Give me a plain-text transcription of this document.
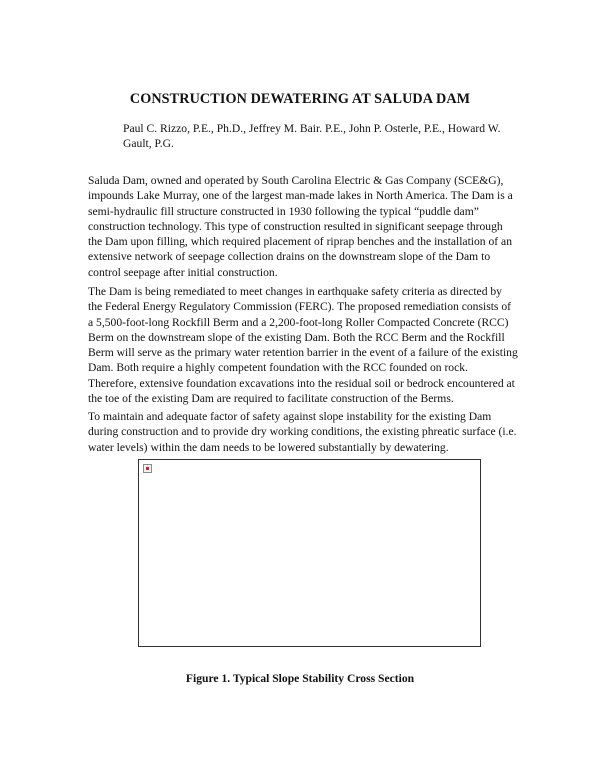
CONSTRUCTION DEWATERING AT SALUDA DAM
Paul C. Rizzo, P.E., Ph.D., Jeffrey M. Bair. P.E., John P. Osterle, P.E., Howard W. Gault, P.G.
Saluda Dam, owned and operated by South Carolina Electric & Gas Company (SCE&G), impounds Lake Murray, one of the largest man-made lakes in North America. The Dam is a semi-hydraulic fill structure constructed in 1930 following the typical “puddle dam” construction technology. This type of construction resulted in significant seepage through the Dam upon filling, which required placement of riprap benches and the installation of an extensive network of seepage collection drains on the downstream slope of the Dam to control seepage after initial construction.
The Dam is being remediated to meet changes in earthquake safety criteria as directed by the Federal Energy Regulatory Commission (FERC). The proposed remediation consists of a 5,500-foot-long Rockfill Berm and a 2,200-foot-long Roller Compacted Concrete (RCC) Berm on the downstream slope of the existing Dam. Both the RCC Berm and the Rockfill Berm will serve as the primary water retention barrier in the event of a failure of the existing Dam. Both require a highly competent foundation with the RCC founded on rock. Therefore, extensive foundation excavations into the residual soil or bedrock encountered at the toe of the existing Dam are required to facilitate construction of the Berms.
To maintain and adequate factor of safety against slope instability for the existing Dam during construction and to provide dry working conditions, the existing phreatic surface (i.e. water levels) within the dam needs to be lowered substantially by dewatering.
Figure 1. Typical Slope Stability Cross Section
